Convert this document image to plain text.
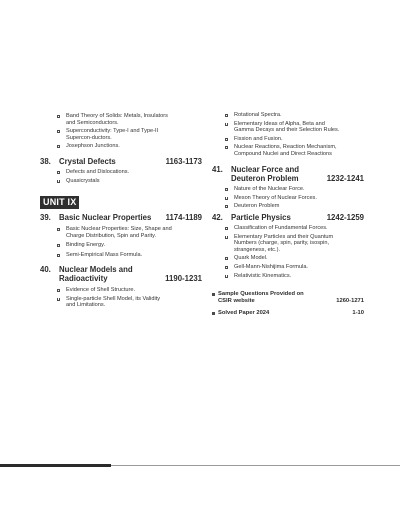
Band Theory of Solids: Metals, Insulators
and Semiconductors.
Superconductivity: Type-I and Type-II
Supercon-ductors.
Josephson Junctions.
38. Crystal Defects	1163-1173
Defects and Dislocations.
Quasicrystals
UNIT IX
39. Basic Nuclear Properties 1174-1189
Basic Nuclear Properties: Size, Shape and
Charge Distribution, Spin and Parity.
Binding Energy.
Semi-Empirical Mass Formula.
40. Nuclear Models and
Radioactivity	1190-1231
Evidence of Shell Structure.
Single-particle Shell Model, its Validity
and Limitations.
Rotational Spectra.
Elementary Ideas of Alpha, Beta and
Gamma Decays and their Selection Rules.
Fission and Fusion.
Nuclear Reactions, Reaction Mechanism,
Compound Nuclei and Direct Reactions
41. Nuclear Force and
Deuteron Problem	1232-1241
Nature of the Nuclear Force.
Meson Theory of Nuclear Forces.
Deuteron Problem
42. Particle Physics	1242-1259
Classification of Fundamental Forces.
Elementary Particles and their Quantum
Numbers (charge, spin, parity, isospin,
strangeness, etc.).
Quark Model.
Gell-Mann-Nishijima Formula.
Relativistic Kinematics.
Sample Questions Provided on
CSIR website	1260-1271
Solved Paper 2024	1-10
